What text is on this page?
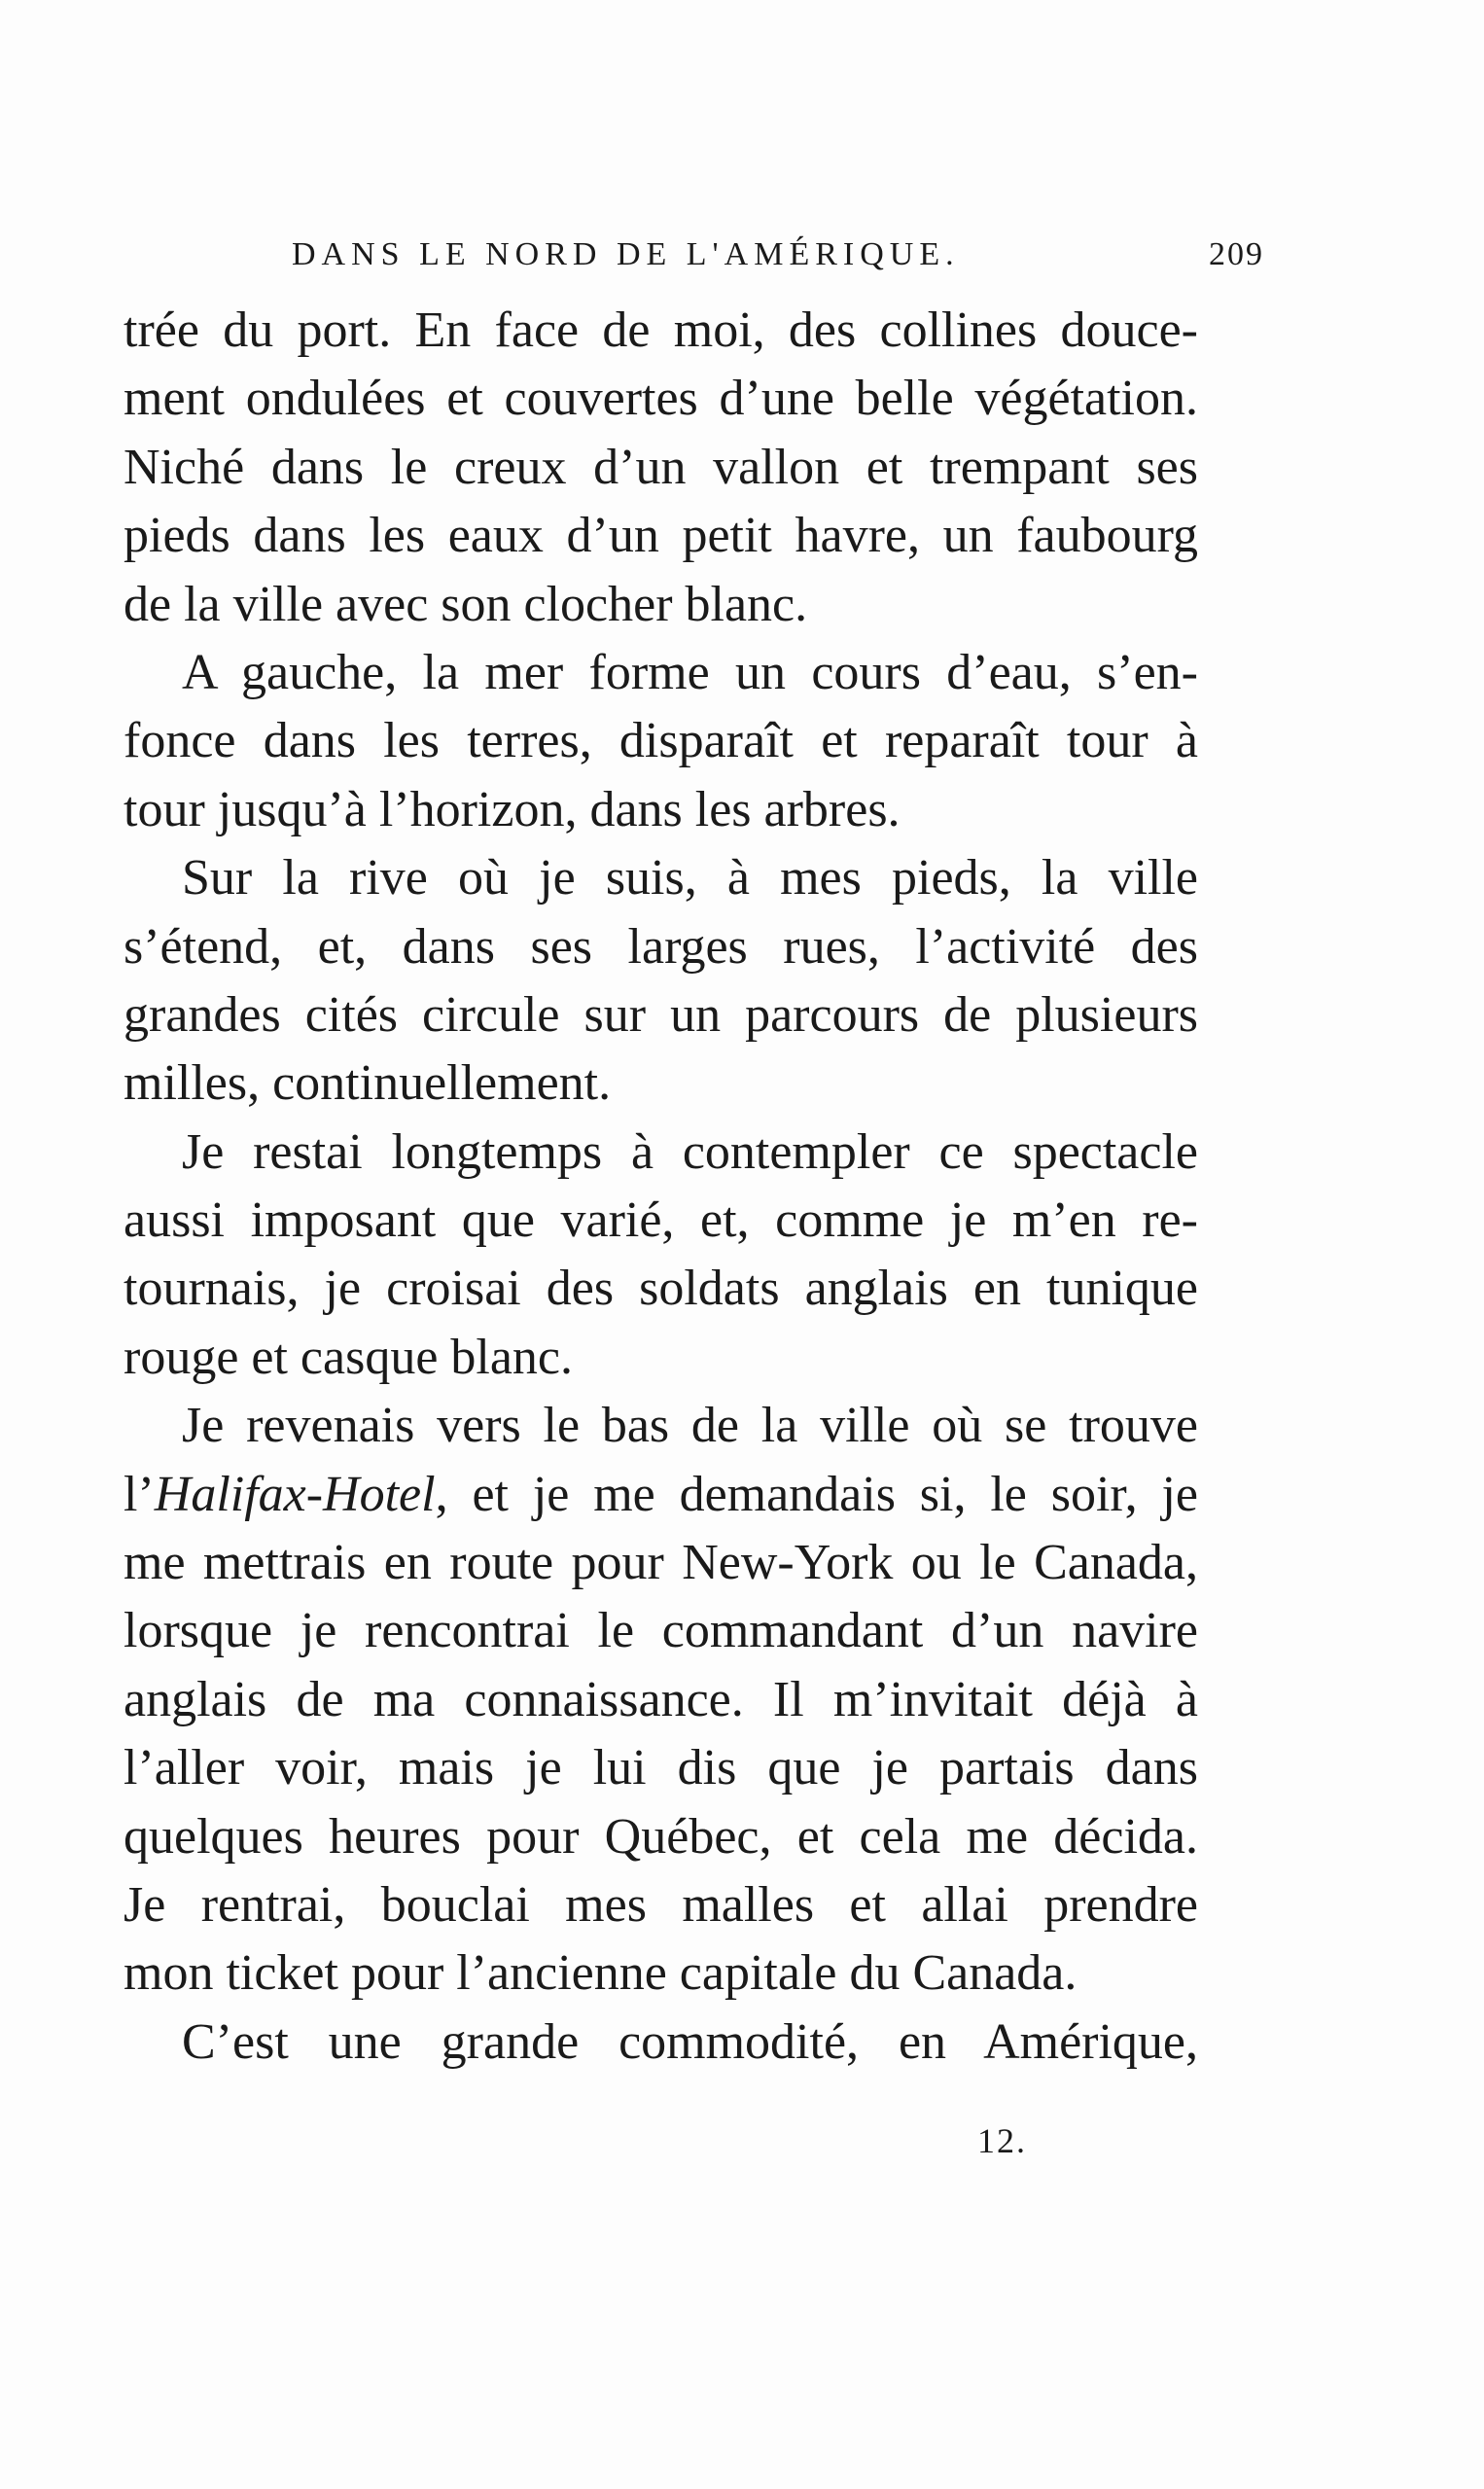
DANS LE NORD DE L'AMÉRIQUE.	209
trée du port. En face de moi, des collines douce-
ment ondulées et couvertes d’une belle végétation.
Niché dans le creux d’un vallon et trempant ses
pieds dans les eaux d’un petit havre, un faubourg
de la ville avec son clocher blanc.
A gauche, la mer forme un cours d’eau, s’en-
fonce dans les terres, disparaît et reparaît tour à
tour jusqu’à l’horizon, dans les arbres.
Sur la rive où je suis, à mes pieds, la ville
s’étend, et, dans ses larges rues, l’activité des
grandes cités circule sur un parcours de plusieurs
milles, continuellement.
Je restai longtemps à contempler ce spectacle
aussi imposant que varié, et, comme je m’en re-
tournais, je croisai des soldats anglais en tunique
rouge et casque blanc.
Je revenais vers le bas de la ville où se trouve
l’Halifax-Hotel, et je me demandais si, le soir, je
me mettrais en route pour New-York ou le Canada,
lorsque je rencontrai le commandant d’un navire
anglais de ma connaissance. Il m’invitait déjà à
l’aller voir, mais je lui dis que je partais dans
quelques heures pour Québec, et cela me décida.
Je rentrai, bouclai mes malles et allai prendre
mon ticket pour l’ancienne capitale du Canada.
C’est une grande commodité, en Amérique,
12.
